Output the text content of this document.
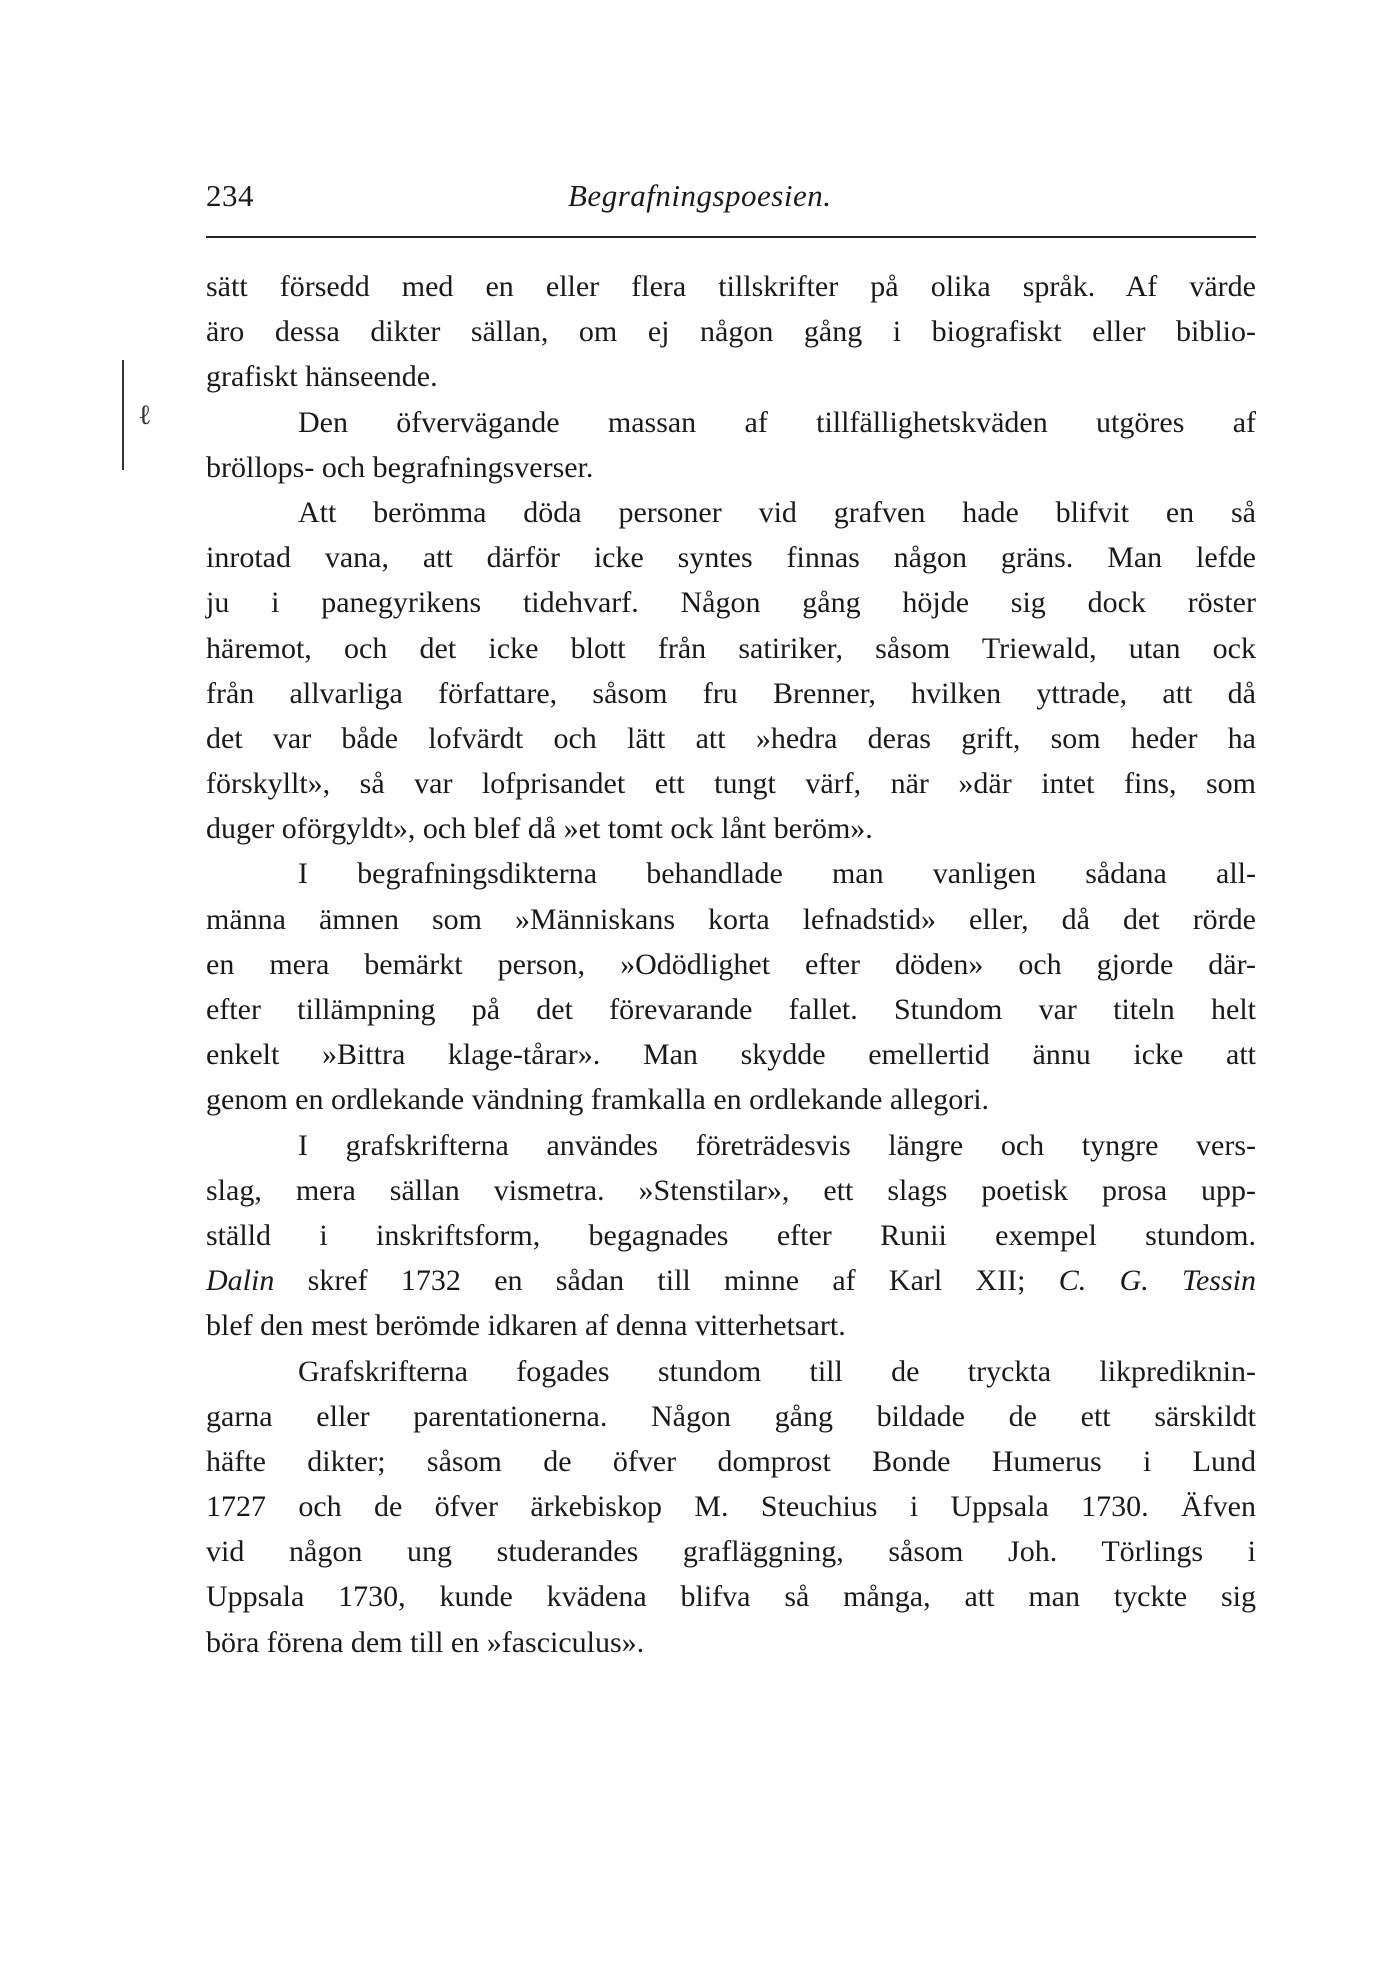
234	Begrafningspoesien.
ℓ

sätt försedd med en eller flera tillskrifter på olika språk. Af värde
äro dessa dikter sällan, om ej någon gång i biografiskt eller biblio-
grafiskt hänseende.

Den öfvervägande massan af tillfällighetskväden utgöres af
bröllops- och begrafningsverser.

Att berömma döda personer vid grafven hade blifvit en så
inrotad vana, att därför icke syntes finnas någon gräns. Man lefde
ju i panegyrikens tidehvarf. Någon gång höjde sig dock röster
häremot, och det icke blott från satiriker, såsom Triewald, utan ock
från allvarliga författare, såsom fru Brenner, hvilken yttrade, att då
det var både lofvärdt och lätt att »hedra deras grift, som heder ha
förskyllt», så var lofprisandet ett tungt värf, när »där intet fins, som
duger oförgyldt», och blef då »et tomt ock lånt beröm».

I begrafningsdikterna behandlade man vanligen sådana all-
männa ämnen som »Människans korta lefnadstid» eller, då det rörde
en mera bemärkt person, »Odödlighet efter döden» och gjorde där-
efter tillämpning på det förevarande fallet. Stundom var titeln helt
enkelt »Bittra klage-tårar». Man skydde emellertid ännu icke att
genom en ordlekande vändning framkalla en ordlekande allegori.

I grafskrifterna användes företrädesvis längre och tyngre vers-
slag, mera sällan vismetra. »Stenstilar», ett slags poetisk prosa upp-
ställd i inskriftsform, begagnades efter Runii exempel stundom.
Dalin skref 1732 en sådan till minne af Karl XII; C. G. Tessin
blef den mest berömde idkaren af denna vitterhetsart.

Grafskrifterna fogades stundom till de tryckta likprediknin-
garna eller parentationerna. Någon gång bildade de ett särskildt
häfte dikter; såsom de öfver domprost Bonde Humerus i Lund
1727 och de öfver ärkebiskop M. Steuchius i Uppsala 1730. Äfven
vid någon ung studerandes grafläggning, såsom Joh. Törlings i
Uppsala 1730, kunde kvädena blifva så många, att man tyckte sig
böra förena dem till en »fasciculus».
